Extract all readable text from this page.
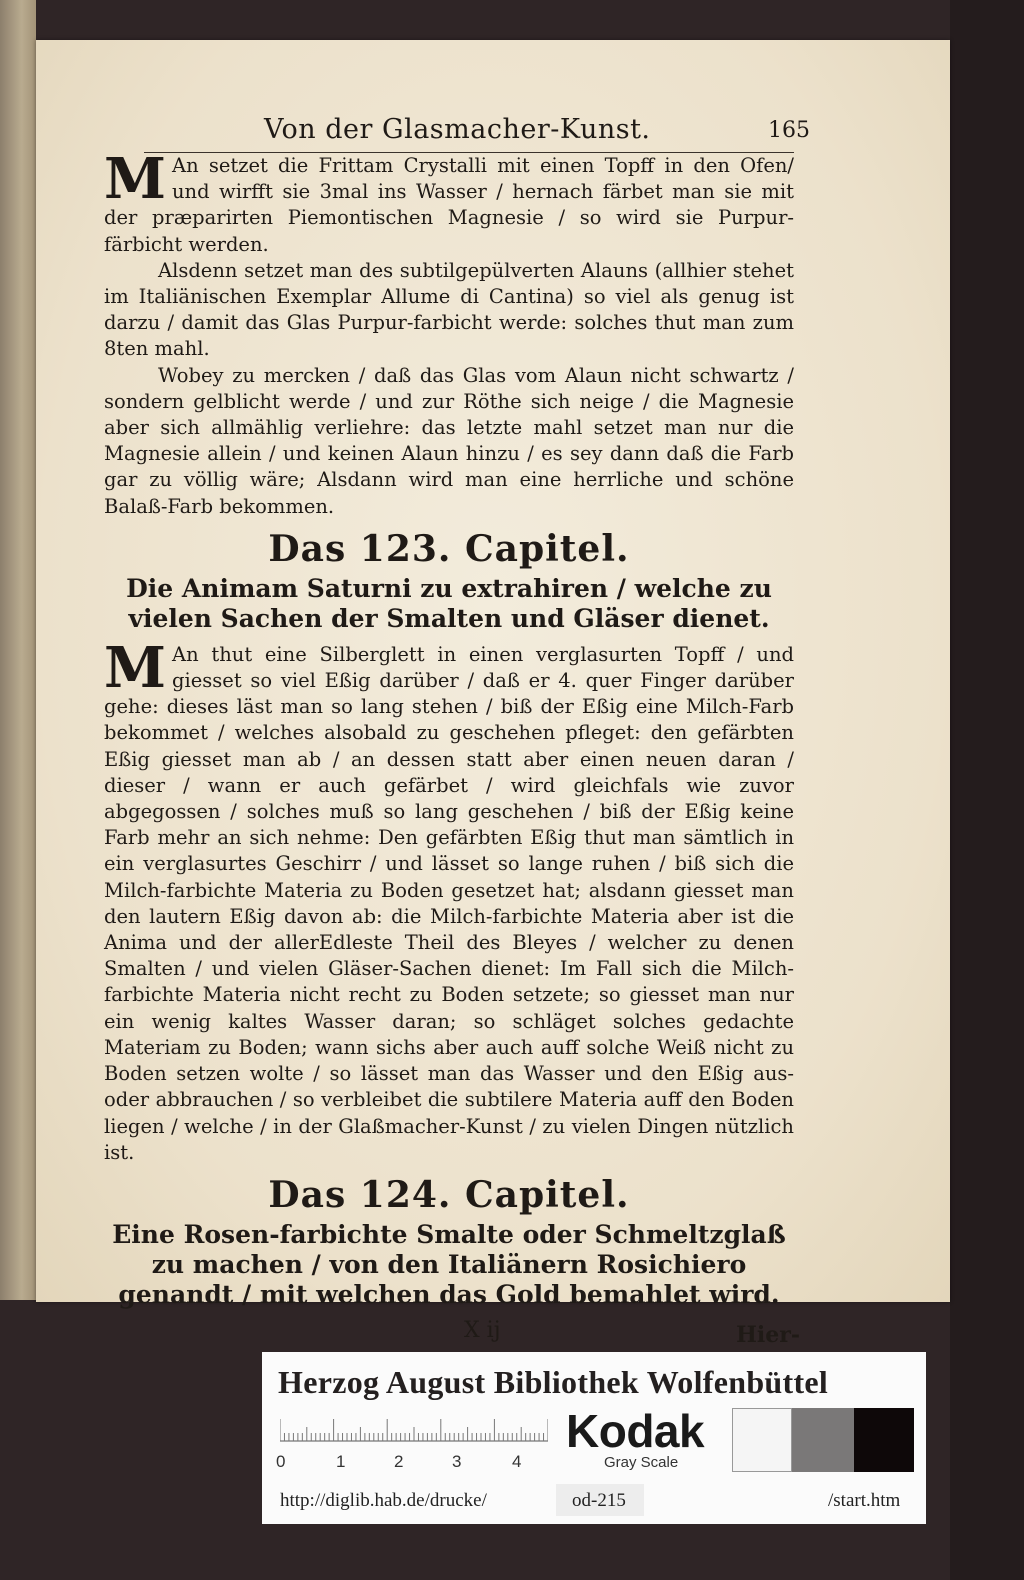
Von der Glasmacher-Kunst.	165

M An setzet die Frittam Crystalli mit einen Topff in den Ofen/ und wirfft sie 3mal ins Wasser / hernach färbet man sie mit der præparirten Piemontischen Magnesie / so wird sie Purpur-färbicht werden.

Alsdenn setzet man des subtilgepülverten Alauns (allhier stehet im Italiänischen Exemplar Allume di Cantina) so viel als genug ist darzu / damit das Glas Purpur-farbicht werde: solches thut man zum 8ten mahl.

Wobey zu mercken / daß das Glas vom Alaun nicht schwartz / sondern gelblicht werde / und zur Röthe sich neige / die Magnesie aber sich allmählig verliehre: das letzte mahl setzet man nur die Magnesie allein / und keinen Alaun hinzu / es sey dann daß die Farb gar zu völlig wäre; Alsdann wird man eine herrliche und schöne Balaß-Farb bekommen.

Das 123. Capitel.
Die Animam Saturni zu extrahiren / welche zu vielen Sachen der Smalten und Gläser dienet.

M An thut eine Silberglett in einen verglasurten Topff / und giesset so viel Eßig darüber / daß er 4. quer Finger darüber gehe: dieses läst man so lang stehen / biß der Eßig eine Milch-Farb bekommet / welches alsobald zu geschehen pfleget: den gefärbten Eßig giesset man ab / an dessen statt aber einen neuen daran / dieser / wann er auch gefärbet / wird gleichfals wie zuvor abgegossen / solches muß so lang geschehen / biß der Eßig keine Farb mehr an sich nehme: Den gefärbten Eßig thut man sämtlich in ein verglasurtes Geschirr / und lässet so lange ruhen / biß sich die Milch-farbichte Materia zu Boden gesetzet hat; alsdann giesset man den lautern Eßig davon ab: die Milch-farbichte Materia aber ist die Anima und der allerEdleste Theil des Bleyes / welcher zu denen Smalten / und vielen Gläser-Sachen dienet: Im Fall sich die Milch-farbichte Materia nicht recht zu Boden setzete; so giesset man nur ein wenig kaltes Wasser daran; so schläget solches gedachte Materiam zu Boden; wann sichs aber auch auff solche Weiß nicht zu Boden setzen wolte / so lässet man das Wasser und den Eßig aus- oder abbrauchen / so verbleibet die subtilere Materia auff den Boden liegen / welche / in der Glaßmacher-Kunst / zu vielen Dingen nützlich ist.

Das 124. Capitel.
Eine Rosen-farbichte Smalte oder Schmeltzglaß zu machen / von den Italiänern Rosichiero genandt / mit welchen das Gold bemahlet wird.
X ij	Hier-
Herzog August Bibliothek Wolfenbüttel
0	1	2	3	4
Kodak
Gray Scale
http://diglib.hab.de/drucke/	od-215	/start.htm
